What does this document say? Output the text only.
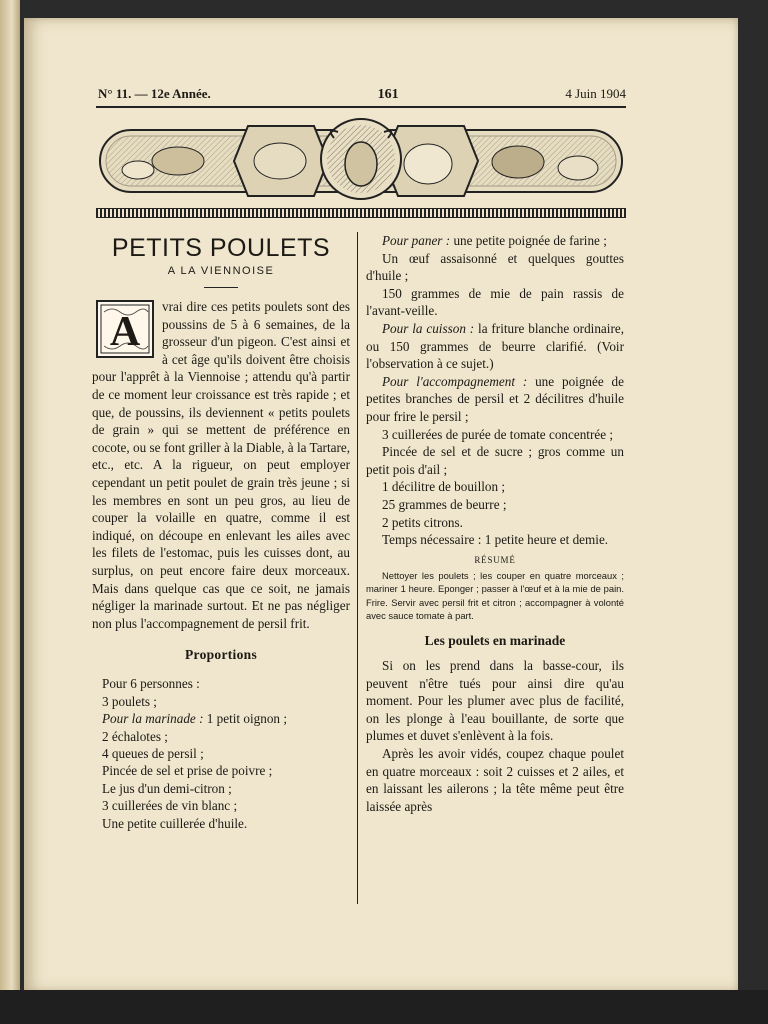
N° 11. — 12e Année.	161	4 Juin 1904
PETITS POULETS
A LA VIENNOISE
A

vrai dire ces petits poulets sont des poussins de 5 à 6 semaines, de la grosseur d'un pigeon. C'est ainsi et à cet âge qu'ils doivent être choisis pour l'apprêt à la Viennoise ; attendu qu'à partir de ce moment leur croissance est très rapide ; et que, de poussins, ils deviennent « petits poulets de grain » qui se mettent de préférence en cocote, ou se font griller à la Diable, à la Tartare, etc., etc. A la rigueur, on peut employer cependant un petit poulet de grain très jeune ; si les membres en sont un peu gros, au lieu de couper la volaille en quatre, comme il est indiqué, on découpe en enlevant les ailes avec les filets de l'estomac, puis les cuisses dont, au surplus, on peut encore faire deux morceaux. Mais dans quelque cas que ce soit, ne jamais négliger la marinade surtout. Et ne pas négliger non plus l'accompagnement de persil frit.

Proportions
Pour 6 personnes :
3 poulets ;
Pour la marinade : 1 petit oignon ;
2 échalotes ;
4 queues de persil ;
Pincée de sel et prise de poivre ;
Le jus d'un demi-citron ;
3 cuillerées de vin blanc ;
Une petite cuillerée d'huile.

Pour paner : une petite poignée de farine ;

Un œuf assaisonné et quelques gouttes d'huile ;

150 grammes de mie de pain rassis de l'avant-veille.

Pour la cuisson : la friture blanche ordinaire, ou 150 grammes de beurre clarifié. (Voir l'observation à ce sujet.)

Pour l'accompagnement : une poignée de petites branches de persil et 2 décilitres d'huile pour frire le persil ;

3 cuillerées de purée de tomate concentrée ;

Pincée de sel et de sucre ; gros comme un petit pois d'ail ;

1 décilitre de bouillon ;

25 grammes de beurre ;

2 petits citrons.

Temps nécessaire : 1 petite heure et demie.

RÉSUMÉ

Nettoyer les poulets ; les couper en quatre morceaux ; mariner 1 heure. Eponger ; passer à l'œuf et à la mie de pain. Frire. Servir avec persil frit et citron ; accompagner à volonté avec sauce tomate à part.

Les poulets en marinade

Si on les prend dans la basse-cour, ils peuvent n'être tués pour ainsi dire qu'au moment. Pour les plumer avec plus de facilité, on les plonge à l'eau bouillante, de sorte que plumes et duvet s'enlèvent à la fois.

Après les avoir vidés, coupez chaque poulet en quatre morceaux : soit 2 cuisses et 2 ailes, et en laissant les ailerons ; la tête même peut être laissée après
